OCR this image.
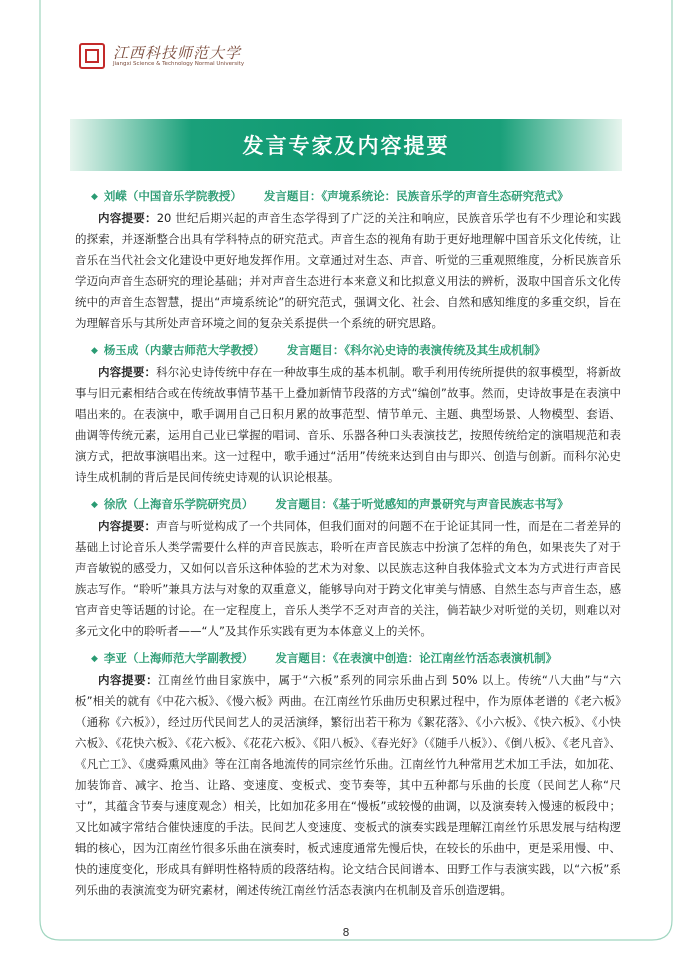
江西科技师范大学
Jiangxi Science & Technology Normal University
发言专家及内容提要
◆ 刘嵘（中国音乐学院教授） 发言题目：《声境系统论：民族音乐学的声音生态研究范式》
内容提要：20 世纪后期兴起的声音生态学得到了广泛的关注和响应，民族音乐学也有不少理论和实践的探索，并逐渐整合出具有学科特点的研究范式。声音生态的视角有助于更好地理解中国音乐文化传统，让音乐在当代社会文化建设中更好地发挥作用。文章通过对生态、声音、听觉的三重观照维度，分析民族音乐学迈向声音生态研究的理论基础；并对声音生态进行本来意义和比拟意义用法的辨析，汲取中国音乐文化传统中的声音生态智慧，提出“声境系统论”的研究范式，强调文化、社会、自然和感知维度的多重交织，旨在为理解音乐与其所处声音环境之间的复杂关系提供一个系统的研究思路。
◆ 杨玉成（内蒙古师范大学教授） 发言题目：《科尔沁史诗的表演传统及其生成机制》
内容提要：科尔沁史诗传统中存在一种故事生成的基本机制。歌手利用传统所提供的叙事模型，将新故事与旧元素相结合或在传统故事情节基干上叠加新情节段落的方式“编创”故事。然而，史诗故事是在表演中唱出来的。在表演中，歌手调用自己日积月累的故事范型、情节单元、主题、典型场景、人物模型、套语、曲调等传统元素，运用自己业已掌握的唱词、音乐、乐器各种口头表演技艺，按照传统给定的演唱规范和表演方式，把故事演唱出来。这一过程中，歌手通过“活用”传统来达到自由与即兴、创造与创新。而科尔沁史诗生成机制的背后是民间传统史诗观的认识论根基。
◆ 徐欣（上海音乐学院研究员） 发言题目：《基于听觉感知的声景研究与声音民族志书写》
内容提要：声音与听觉构成了一个共同体，但我们面对的问题不在于论证其同一性，而是在二者差异的基础上讨论音乐人类学需要什么样的声音民族志，聆听在声音民族志中扮演了怎样的角色，如果丧失了对于声音敏锐的感受力，又如何以音乐这种体验的艺术为对象、以民族志这种自我体验式文本为方式进行声音民族志写作。“聆听”兼具方法与对象的双重意义，能够导向对于跨文化审美与情感、自然生态与声音生态，感官声音史等话题的讨论。在一定程度上，音乐人类学不乏对声音的关注，倘若缺少对听觉的关切，则难以对多元文化中的聆听者——“人”及其作乐实践有更为本体意义上的关怀。
◆ 李亚（上海师范大学副教授） 发言题目：《在表演中创造：论江南丝竹活态表演机制》
内容提要：江南丝竹曲目家族中，属于“六板”系列的同宗乐曲占到 50% 以上。传统“八大曲”与“六板”相关的就有《中花六板》、《慢六板》两曲。在江南丝竹乐曲历史积累过程中，作为原体老谱的《老六板》（通称《六板》），经过历代民间艺人的灵活演绎，繁衍出若干称为《絮花落》、《小六板》、《快六板》、《小快六板》、《花快六板》、《花六板》、《花花六板》、《阳八板》、《春光好》（《随手八板》）、《倒八板》、《老凡音》、《凡亡工》、《虞舜熏风曲》等在江南各地流传的同宗丝竹乐曲。江南丝竹九种常用艺术加工手法，如加花、加装饰音、减字、抢当、让路、变速度、变板式、变节奏等，其中五种都与乐曲的长度（民间艺人称“尺寸”，其蕴含节奏与速度观念）相关，比如加花多用在“慢板”或较慢的曲调，以及演奏转入慢速的板段中；又比如减字常结合催快速度的手法。民间艺人变速度、变板式的演奏实践是理解江南丝竹乐思发展与结构逻辑的核心，因为江南丝竹很多乐曲在演奏时，板式速度通常先慢后快，在较长的乐曲中，更是采用慢、中、快的速度变化，形成具有鲜明性格特质的段落结构。论文结合民间谱本、田野工作与表演实践，以“六板”系列乐曲的表演流变为研究素材，阐述传统江南丝竹活态表演内在机制及音乐创造逻辑。
8
